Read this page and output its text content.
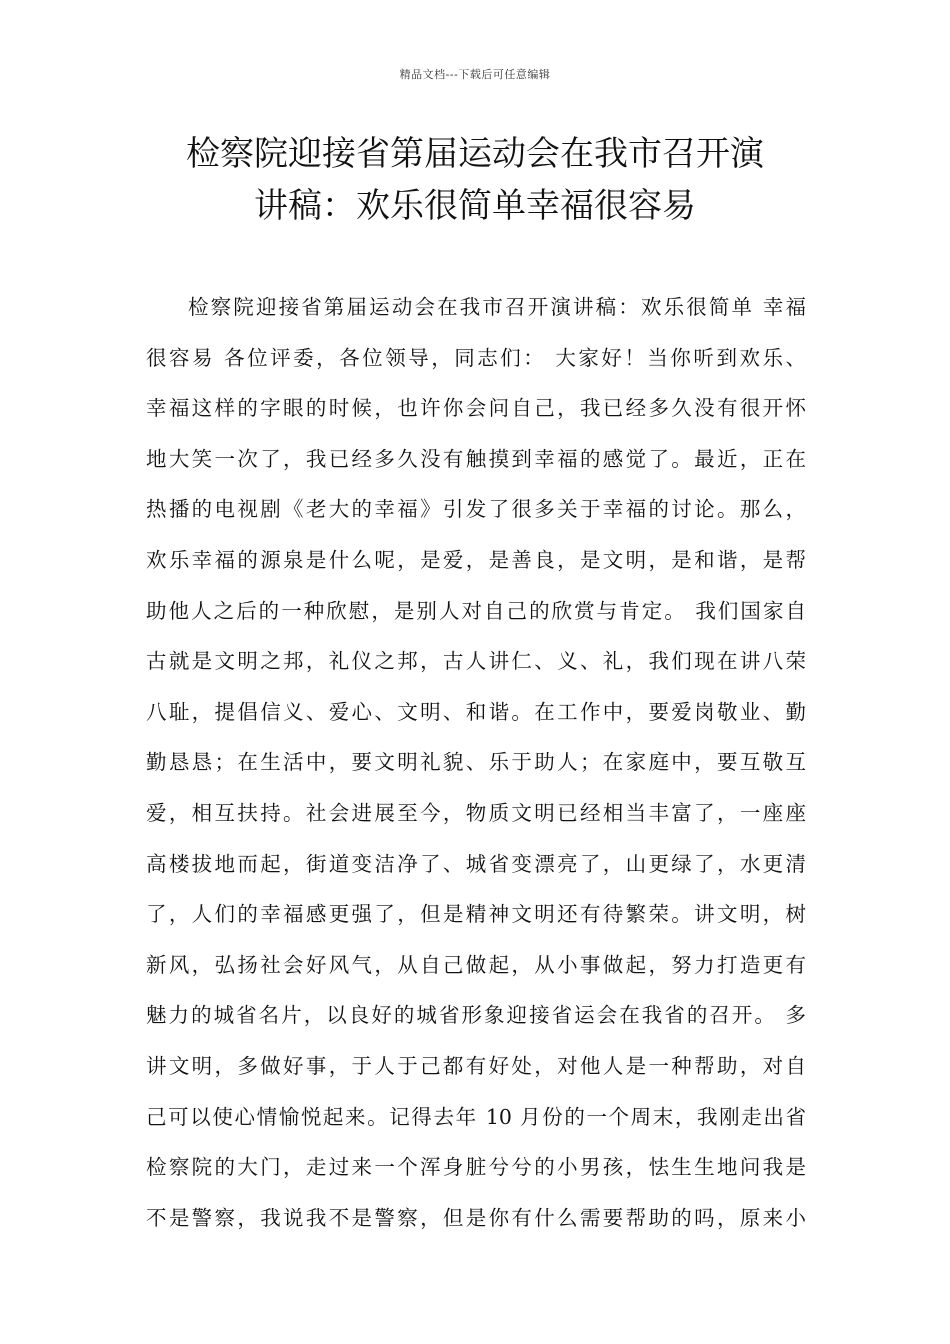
精品文档---下载后可任意编辑
检察院迎接省第届运动会在我市召开演
讲稿：欢乐很简单幸福很容易
检察院迎接省第届运动会在我市召开演讲稿：欢乐很简单 幸福
很容易 各位评委，各位领导，同志们： 大家好！当你听到欢乐、
幸福这样的字眼的时候，也许你会问自己，我已经多久没有很开怀
地大笑一次了，我已经多久没有触摸到幸福的感觉了。最近，正在
热播的电视剧《老大的幸福》引发了很多关于幸福的讨论。那么，
欢乐幸福的源泉是什么呢，是爱，是善良，是文明，是和谐，是帮
助他人之后的一种欣慰，是别人对自己的欣赏与肯定。 我们国家自
古就是文明之邦，礼仪之邦，古人讲仁、义、礼，我们现在讲八荣
八耻，提倡信义、爱心、文明、和谐。在工作中，要爱岗敬业、勤
勤恳恳；在生活中，要文明礼貌、乐于助人；在家庭中，要互敬互
爱，相互扶持。社会进展至今，物质文明已经相当丰富了，一座座
高楼拔地而起，街道变洁净了、城省变漂亮了，山更绿了，水更清
了，人们的幸福感更强了，但是精神文明还有待繁荣。讲文明，树
新风，弘扬社会好风气，从自己做起，从小事做起，努力打造更有
魅力的城省名片，以良好的城省形象迎接省运会在我省的召开。 多
讲文明，多做好事，于人于己都有好处，对他人是一种帮助，对自
己可以使心情愉悦起来。记得去年 10 月份的一个周末，我刚走出省
检察院的大门，走过来一个浑身脏兮兮的小男孩，怯生生地问我是
不是警察，我说我不是警察，但是你有什么需要帮助的吗，原来小
